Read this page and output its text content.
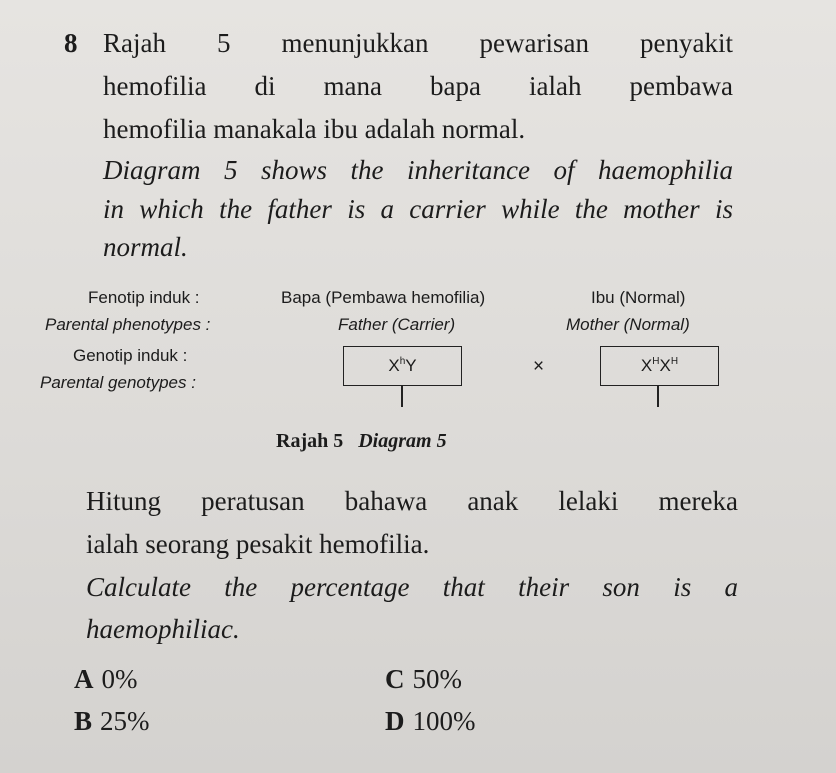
8 Rajah 5 menunjukkan pewarisan penyakit
hemofilia di mana bapa ialah pembawa
hemofilia manakala ibu adalah normal.
Diagram 5 shows the inheritance of haemophilia
in which the father is a carrier while the mother is
normal.
Fenotip induk :
Parental phenotypes :
Bapa (Pembawa hemofilia)
Father (Carrier)
Ibu (Normal)
Mother (Normal)
Genotip induk :
Parental genotypes :
$X^h$ Y	×	$X^H$ $X^H$
Rajah 5 Diagram 5
Hitung peratusan bahawa anak lelaki mereka
ialah seorang pesakit hemofilia.
Calculate the percentage that their son is a
haemophiliac.
A 0%
B 25%
C 50%
D 100%
